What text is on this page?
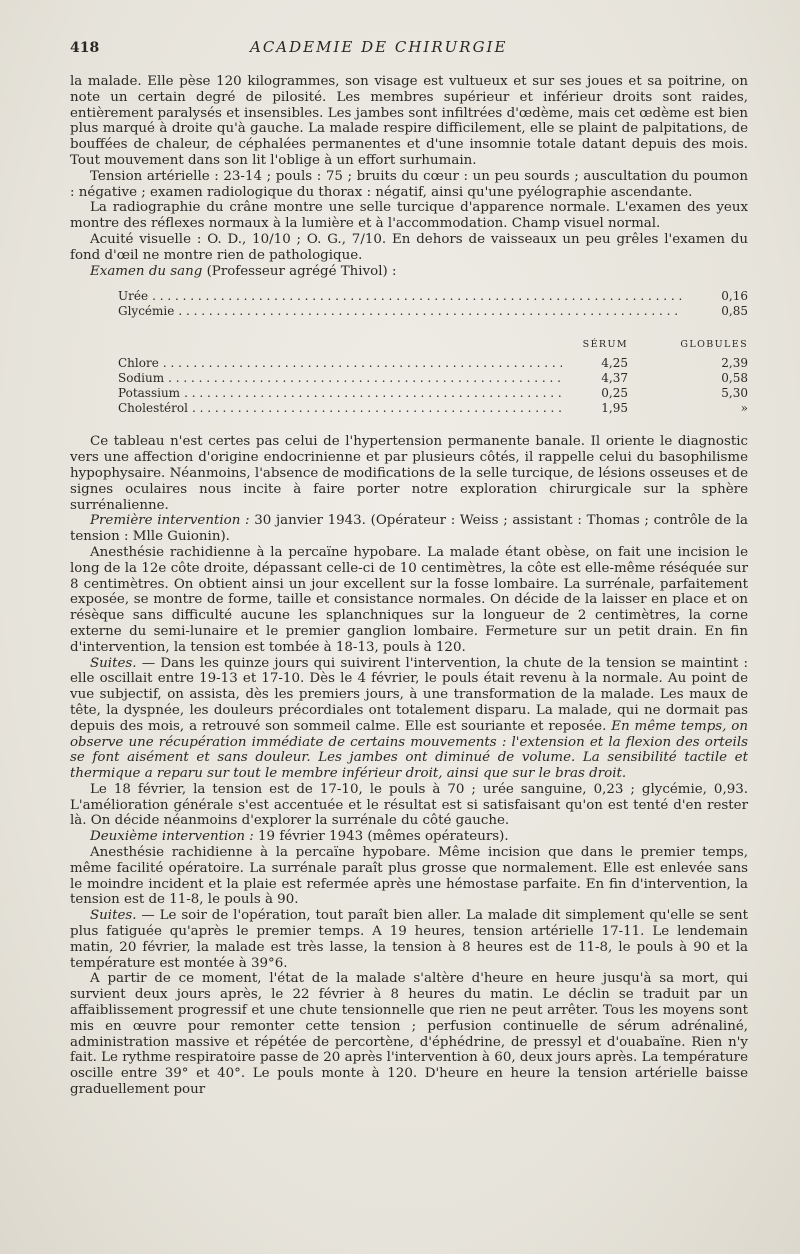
418	ACADEMIE DE CHIRURGIE

la malade. Elle pèse 120 kilogrammes, son visage est vultueux et sur ses joues et sa poitrine, on note un certain degré de pilosité. Les membres supérieur et inférieur droits sont raides, entièrement paralysés et insensibles. Les jambes sont infiltrées d'œdème, mais cet œdème est bien plus marqué à droite qu'à gauche. La malade respire difficilement, elle se plaint de palpitations, de bouffées de chaleur, de céphalées permanentes et d'une insomnie totale datant depuis des mois. Tout mouvement dans son lit l'oblige à un effort surhumain.

Tension artérielle : 23-14 ; pouls : 75 ; bruits du cœur : un peu sourds ; auscultation du poumon : négative ; examen radiologique du thorax : négatif, ainsi qu'une pyélographie ascendante.

La radiographie du crâne montre une selle turcique d'apparence normale. L'examen des yeux montre des réflexes normaux à la lumière et à l'accommodation. Champ visuel normal.

Acuité visuelle : O. D., 10/10 ; O. G., 7/10. En dehors de vaisseaux un peu grêles l'examen du fond d'œil ne montre rien de pathologique.

Examen du sang (Professeur agrégé Thivol) :

Urée . . .	0,16
Glycémie . . .	0,85
SÉRUM	GLOBULES
Chlore . . .	4,25	2,39
Sodium . . .	4,37	0,58
Potassium . . .	0,25	5,30
Cholestérol . . .	1,95	»

Ce tableau n'est certes pas celui de l'hypertension permanente banale. Il oriente le diagnostic vers une affection d'origine endocrinienne et par plusieurs côtés, il rappelle celui du basophilisme hypophysaire. Néanmoins, l'absence de modifications de la selle turcique, de lésions osseuses et de signes oculaires nous incite à faire porter notre exploration chirurgicale sur la sphère surrénalienne.

Première intervention : 30 janvier 1943. (Opérateur : Weiss ; assistant : Thomas ; contrôle de la tension : Mlle Guionin).

Anesthésie rachidienne à la percaïne hypobare. La malade étant obèse, on fait une incision le long de la 12e côte droite, dépassant celle-ci de 10 centimètres, la côte est elle-même réséquée sur 8 centimètres. On obtient ainsi un jour excellent sur la fosse lombaire. La surrénale, parfaitement exposée, se montre de forme, taille et consistance normales. On décide de la laisser en place et on résèque sans difficulté aucune les splanchniques sur la longueur de 2 centimètres, la corne externe du semi-lunaire et le premier ganglion lombaire. Fermeture sur un petit drain. En fin d'intervention, la tension est tombée à 18-13, pouls à 120.

Suites. — Dans les quinze jours qui suivirent l'intervention, la chute de la tension se maintint : elle oscillait entre 19-13 et 17-10. Dès le 4 février, le pouls était revenu à la normale. Au point de vue subjectif, on assista, dès les premiers jours, à une transformation de la malade. Les maux de tête, la dyspnée, les douleurs précordiales ont totalement disparu. La malade, qui ne dormait pas depuis des mois, a retrouvé son sommeil calme. Elle est souriante et reposée. En même temps, on observe une récupération immédiate de certains mouvements : l'extension et la flexion des orteils se font aisément et sans douleur. Les jambes ont diminué de volume. La sensibilité tactile et thermique a reparu sur tout le membre inférieur droit, ainsi que sur le bras droit.

Le 18 février, la tension est de 17-10, le pouls à 70 ; urée sanguine, 0,23 ; glycémie, 0,93. L'amélioration générale s'est accentuée et le résultat est si satisfaisant qu'on est tenté d'en rester là. On décide néanmoins d'explorer la surrénale du côté gauche.

Deuxième intervention : 19 février 1943 (mêmes opérateurs).

Anesthésie rachidienne à la percaïne hypobare. Même incision que dans le premier temps, même facilité opératoire. La surrénale paraît plus grosse que normalement. Elle est enlevée sans le moindre incident et la plaie est refermée après une hémostase parfaite. En fin d'intervention, la tension est de 11-8, le pouls à 90.

Suites. — Le soir de l'opération, tout paraît bien aller. La malade dit simplement qu'elle se sent plus fatiguée qu'après le premier temps. A 19 heures, tension artérielle 17-11. Le lendemain matin, 20 février, la malade est très lasse, la tension à 8 heures est de 11-8, le pouls à 90 et la température est montée à 39°6.

A partir de ce moment, l'état de la malade s'altère d'heure en heure jusqu'à sa mort, qui survient deux jours après, le 22 février à 8 heures du matin. Le déclin se traduit par un affaiblissement progressif et une chute tensionnelle que rien ne peut arrêter. Tous les moyens sont mis en œuvre pour remonter cette tension ; perfusion continuelle de sérum adrénaliné, administration massive et répétée de percortène, d'éphédrine, de pressyl et d'ouabaïne. Rien n'y fait. Le rythme respiratoire passe de 20 après l'intervention à 60, deux jours après. La température oscille entre 39° et 40°. Le pouls monte à 120. D'heure en heure la tension artérielle baisse graduellement pour
